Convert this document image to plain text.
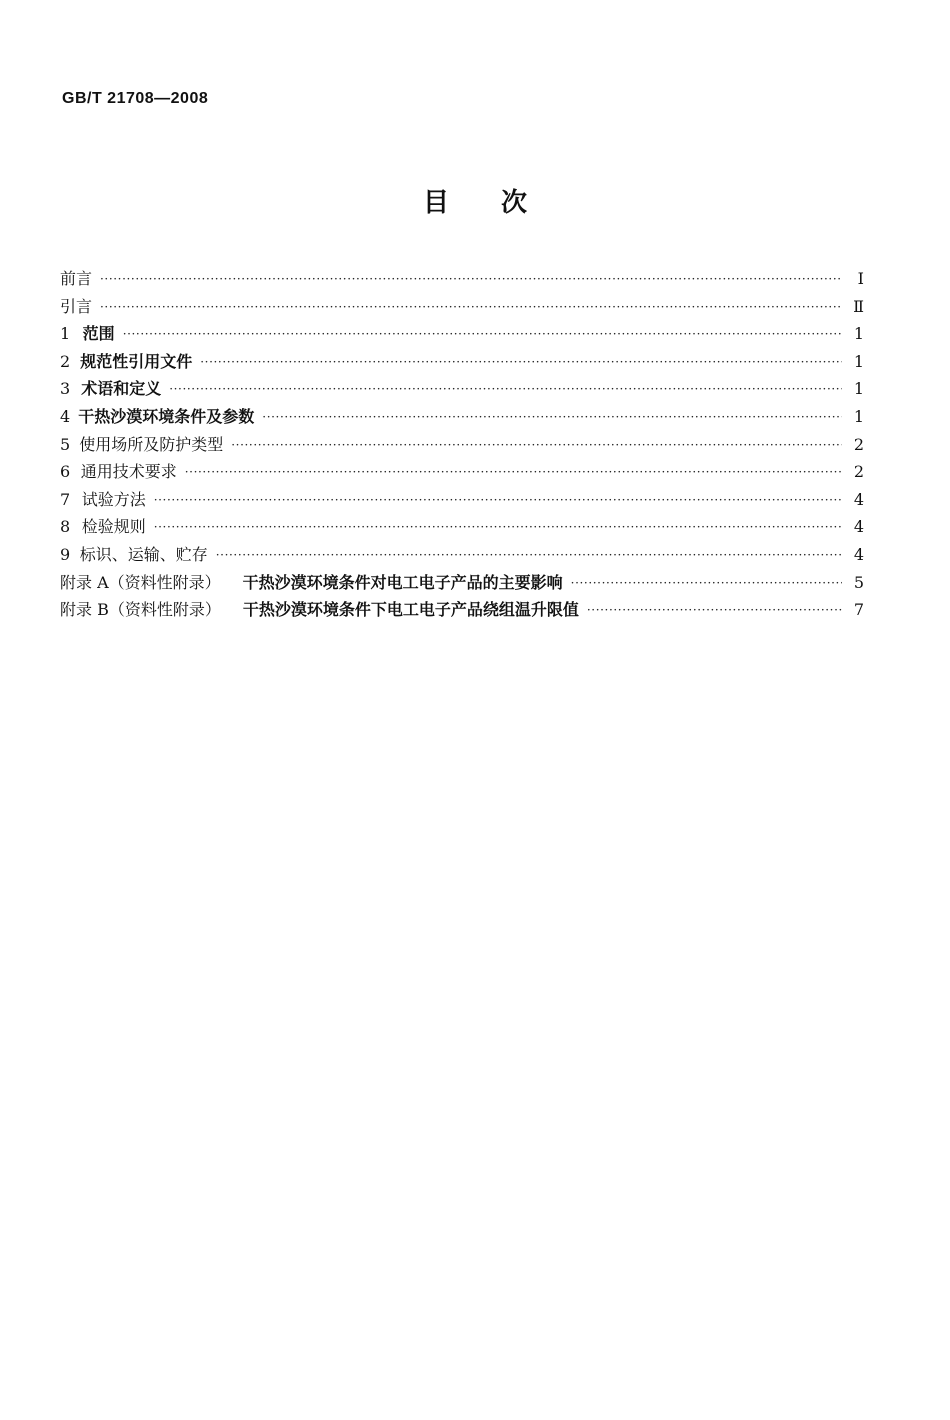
GB/T 21708—2008
目次
前言 ·····	Ⅰ
引言 ·····	Ⅱ
1 范围 ·····	1
2 规范性引用文件 ·····	1
3 术语和定义 ·····	1
4 干热沙漠环境条件及参数 ·····	1
5 使用场所及防护类型 ·····	2
6 通用技术要求 ·····	2
7 试验方法 ·····	4
8 检验规则 ·····	4
9 标识、运输、贮存 ·····	4
附录 A（资料性附录） 干热沙漠环境条件对电工电子产品的主要影响 ·····	5
附录 B（资料性附录） 干热沙漠环境条件下电工电子产品绕组温升限值 ·····	7
